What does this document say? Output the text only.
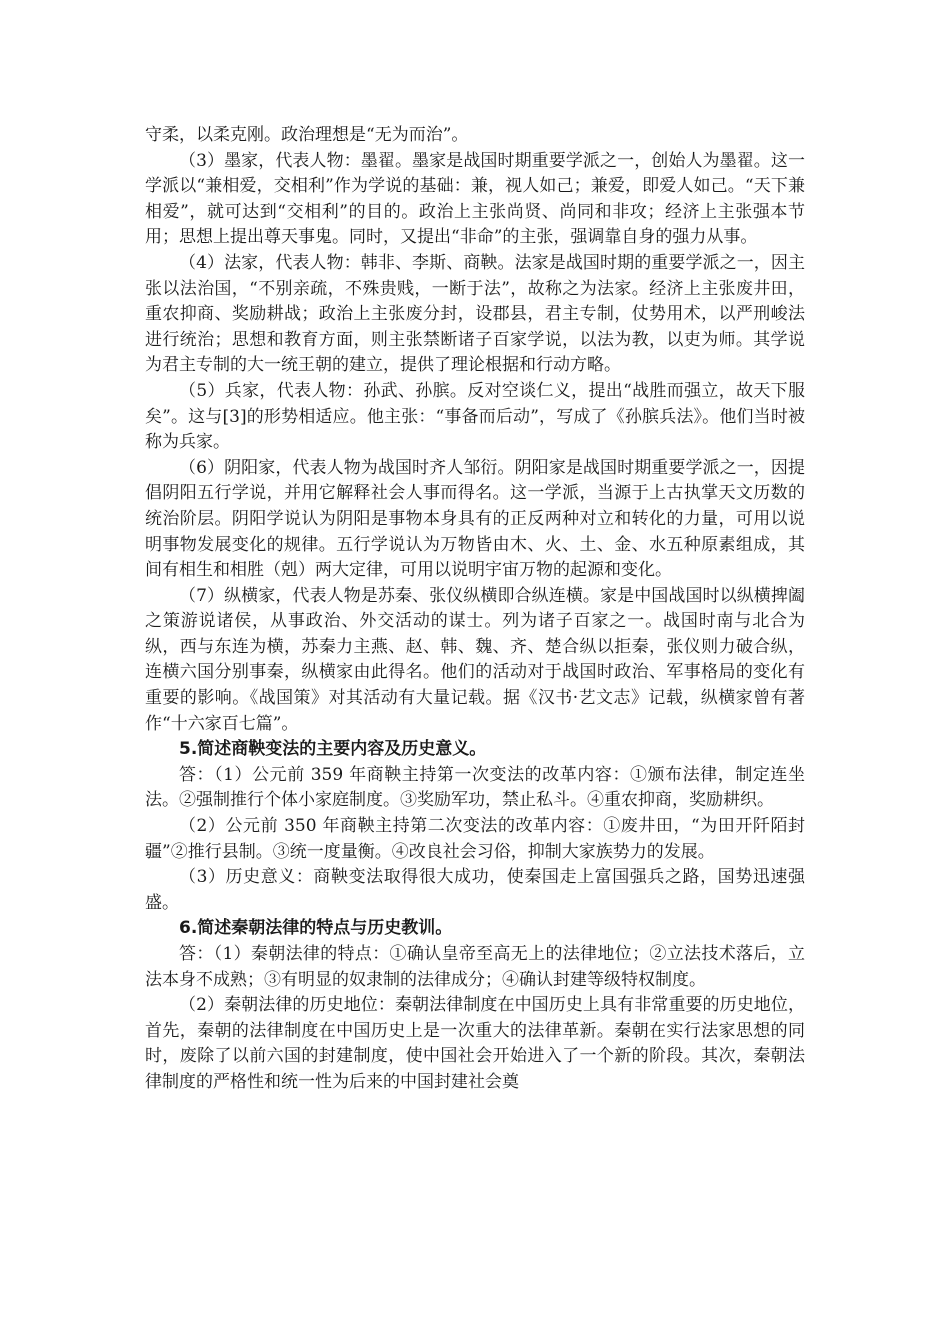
守柔，以柔克刚。政治理想是“无为而治”。

（3）墨家，代表人物：墨翟。墨家是战国时期重要学派之一，创始人为墨翟。这一学派以“兼相爱，交相利”作为学说的基础：兼，视人如己；兼爱，即爱人如己。“天下兼相爱”，就可达到“交相利”的目的。政治上主张尚贤、尚同和非攻；经济上主张强本节用；思想上提出尊天事鬼。同时，又提出“非命”的主张，强调靠自身的强力从事。

（4）法家，代表人物：韩非、李斯、商鞅。法家是战国时期的重要学派之一，因主张以法治国，“不别亲疏，不殊贵贱，一断于法”，故称之为法家。经济上主张废井田，重农抑商、奖励耕战；政治上主张废分封，设郡县，君主专制，仗势用术，以严刑峻法进行统治；思想和教育方面，则主张禁断诸子百家学说，以法为教，以吏为师。其学说为君主专制的大一统王朝的建立，提供了理论根据和行动方略。

（5）兵家，代表人物：孙武、孙膑。反对空谈仁义，提出“战胜而强立，故天下服矣”。这与[3]的形势相适应。他主张：“事备而后动”，写成了《孙膑兵法》。他们当时被称为兵家。

（6）阴阳家，代表人物为战国时齐人邹衍。阴阳家是战国时期重要学派之一，因提倡阴阳五行学说，并用它解释社会人事而得名。这一学派，当源于上古执掌天文历数的统治阶层。阴阳学说认为阴阳是事物本身具有的正反两种对立和转化的力量，可用以说明事物发展变化的规律。五行学说认为万物皆由木、火、土、金、水五种原素组成，其间有相生和相胜（剋）两大定律，可用以说明宇宙万物的起源和变化。

（7）纵横家，代表人物是苏秦、张仪纵横即合纵连横。家是中国战国时以纵横捭阖之策游说诸侯，从事政治、外交活动的谋士。列为诸子百家之一。战国时南与北合为纵，西与东连为横，苏秦力主燕、赵、韩、魏、齐、楚合纵以拒秦，张仪则力破合纵，连横六国分别事秦，纵横家由此得名。他们的活动对于战国时政治、军事格局的变化有重要的影响。《战国策》对其活动有大量记载。据《汉书·艺文志》记载，纵横家曾有著作“十六家百七篇”。

5.简述商鞅变法的主要内容及历史意义。

答：（1）公元前 359 年商鞅主持第一次变法的改革内容：①颁布法律，制定连坐法。②强制推行个体小家庭制度。③奖励军功，禁止私斗。④重农抑商，奖励耕织。

（2）公元前 350 年商鞅主持第二次变法的改革内容：①废井田，“为田开阡陌封疆”②推行县制。③统一度量衡。④改良社会习俗，抑制大家族势力的发展。

（3）历史意义：商鞅变法取得很大成功，使秦国走上富国强兵之路，国势迅速强盛。

6.简述秦朝法律的特点与历史教训。

答：（1）秦朝法律的特点：①确认皇帝至高无上的法律地位；②立法技术落后，立法本身不成熟；③有明显的奴隶制的法律成分；④确认封建等级特权制度。

（2）秦朝法律的历史地位：秦朝法律制度在中国历史上具有非常重要的历史地位，首先，秦朝的法律制度在中国历史上是一次重大的法律革新。秦朝在实行法家思想的同时，废除了以前六国的封建制度，使中国社会开始进入了一个新的阶段。其次，秦朝法律制度的严格性和统一性为后来的中国封建社会奠
